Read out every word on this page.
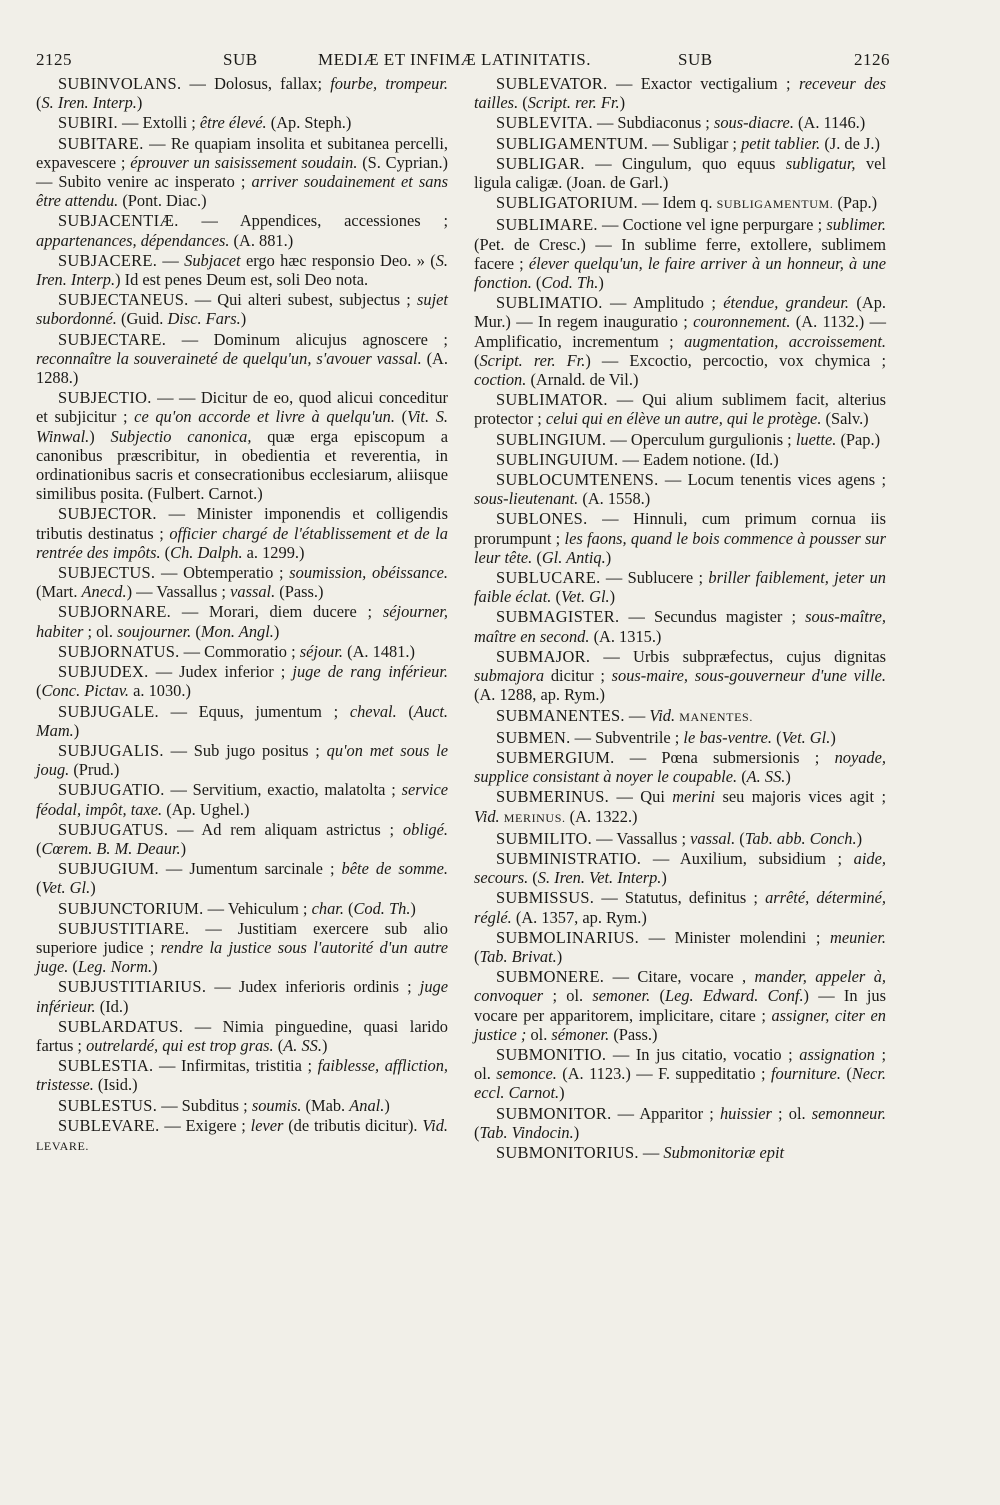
2125	SUB	MEDIÆ ET INFIMÆ LATINITATIS.	SUB	2126

SUBINVOLANS. — Dolosus, fallax; fourbe, trompeur. (S. Iren. Interp.)

SUBIRI. — Extolli ; être élevé. (Ap. Steph.)

SUBITARE. — Re quapiam insolita et subitanea percelli, expavescere ; éprouver un saisissement soudain. (S. Cyprian.) — Subito venire ac insperato ; arriver soudainement et sans être attendu. (Pont. Diac.)

SUBJACENTIÆ. — Appendices, accessiones ; appartenances, dépendances. (A. 881.)

SUBJACERE. — Subjacet ergo hæc responsio Deo. » (S. Iren. Interp.) Id est penes Deum est, soli Deo nota.

SUBJECTANEUS. — Qui alteri subest, subjectus ; sujet subordonné. (Guid. Disc. Fars.)

SUBJECTARE. — Dominum alicujus agnoscere ; reconnaître la souveraineté de quelqu'un, s'avouer vassal. (A. 1288.)

SUBJECTIO. — — Dicitur de eo, quod alicui conceditur et subjicitur ; ce qu'on accorde et livre à quelqu'un. (Vit. S. Winwal.) Subjectio canonica, quæ erga episcopum a canonibus præscribitur, in obedientia et reverentia, in ordinationibus sacris et consecrationibus ecclesiarum, aliisque similibus posita. (Fulbert. Carnot.)

SUBJECTOR. — Minister imponendis et colligendis tributis destinatus ; officier chargé de l'établissement et de la rentrée des impôts. (Ch. Dalph. a. 1299.)

SUBJECTUS. — Obtemperatio ; soumission, obéissance. (Mart. Anecd.) — Vassallus ; vassal. (Pass.)

SUBJORNARE. — Morari, diem ducere ; séjourner, habiter ; ol. soujourner. (Mon. Angl.)

SUBJORNATUS. — Commoratio ; séjour. (A. 1481.)

SUBJUDEX. — Judex inferior ; juge de rang inférieur. (Conc. Pictav. a. 1030.)

SUBJUGALE. — Equus, jumentum ; cheval. (Auct. Mam.)

SUBJUGALIS. — Sub jugo positus ; qu'on met sous le joug. (Prud.)

SUBJUGATIO. — Servitium, exactio, malatolta ; service féodal, impôt, taxe. (Ap. Ughel.)

SUBJUGATUS. — Ad rem aliquam astrictus ; obligé. (Cœrem. B. M. Deaur.)

SUBJUGIUM. — Jumentum sarcinale ; bête de somme. (Vet. Gl.)

SUBJUNCTORIUM. — Vehiculum ; char. (Cod. Th.)

SUBJUSTITIARE. — Justitiam exercere sub alio superiore judice ; rendre la justice sous l'autorité d'un autre juge. (Leg. Norm.)

SUBJUSTITIARIUS. — Judex inferioris ordinis ; juge inférieur. (Id.)

SUBLARDATUS. — Nimia pinguedine, quasi larido fartus ; outrelardé, qui est trop gras. (A. SS.)

SUBLESTIA. — Infirmitas, tristitia ; faiblesse, affliction, tristesse. (Isid.)

SUBLESTUS. — Subditus ; soumis. (Mab. Anal.)

SUBLEVARE. — Exigere ; lever (de tributis dicitur). Vid. LEVARE.

SUBLEVATOR. — Exactor vectigalium ; receveur des tailles. (Script. rer. Fr.)

SUBLEVITA. — Subdiaconus ; sous-diacre. (A. 1146.)

SUBLIGAMENTUM. — Subligar ; petit tablier. (J. de J.)

SUBLIGAR. — Cingulum, quo equus subligatur, vel ligula caligæ. (Joan. de Garl.)

SUBLIGATORIUM. — Idem q. SUBLIGAMENTUM. (Pap.)

SUBLIMARE. — Coctione vel igne perpurgare ; sublimer. (Pet. de Cresc.) — In sublime ferre, extollere, sublimem facere ; élever quelqu'un, le faire arriver à un honneur, à une fonction. (Cod. Th.)

SUBLIMATIO. — Amplitudo ; étendue, grandeur. (Ap. Mur.) — In regem inauguratio ; couronnement. (A. 1132.) — Amplificatio, incrementum ; augmentation, accroissement. (Script. rer. Fr.) — Excoctio, percoctio, vox chymica ; coction. (Arnald. de Vil.)

SUBLIMATOR. — Qui alium sublimem facit, alterius protector ; celui qui en élève un autre, qui le protège. (Salv.)

SUBLINGIUM. — Operculum gurgulionis ; luette. (Pap.)

SUBLINGUIUM. — Eadem notione. (Id.)

SUBLOCUMTENENS. — Locum tenentis vices agens ; sous-lieutenant. (A. 1558.)

SUBLONES. — Hinnuli, cum primum cornua iis prorumpunt ; les faons, quand le bois commence à pousser sur leur tête. (Gl. Antiq.)

SUBLUCARE. — Sublucere ; briller faiblement, jeter un faible éclat. (Vet. Gl.)

SUBMAGISTER. — Secundus magister ; sous-maître, maître en second. (A. 1315.)

SUBMAJOR. — Urbis subpræfectus, cujus dignitas submajora dicitur ; sous-maire, sous-gouverneur d'une ville. (A. 1288, ap. Rym.)

SUBMANENTES. — Vid. MANENTES.

SUBMEN. — Subventrile ; le bas-ventre. (Vet. Gl.)

SUBMERGIUM. — Pœna submersionis ; noyade, supplice consistant à noyer le coupable. (A. SS.)

SUBMERINUS. — Qui merini seu majoris vices agit ; Vid. MERINUS. (A. 1322.)

SUBMILITO. — Vassallus ; vassal. (Tab. abb. Conch.)

SUBMINISTRATIO. — Auxilium, subsidium ; aide, secours. (S. Iren. Vet. Interp.)

SUBMISSUS. — Statutus, definitus ; arrêté, déterminé, réglé. (A. 1357, ap. Rym.)

SUBMOLINARIUS. — Minister molendini ; meunier. (Tab. Brivat.)

SUBMONERE. — Citare, vocare , mander, appeler à, convoquer ; ol. semoner. (Leg. Edward. Conf.) — In jus vocare per apparitorem, implicitare, citare ; assigner, citer en justice ; ol. sémoner. (Pass.)

SUBMONITIO. — In jus citatio, vocatio ; assignation ; ol. semonce. (A. 1123.) — F. suppeditatio ; fourniture. (Necr. eccl. Carnot.)

SUBMONITOR. — Apparitor ; huissier ; ol. semonneur. (Tab. Vindocin.)

SUBMONITORIUS. — Submonitoriæ epit
